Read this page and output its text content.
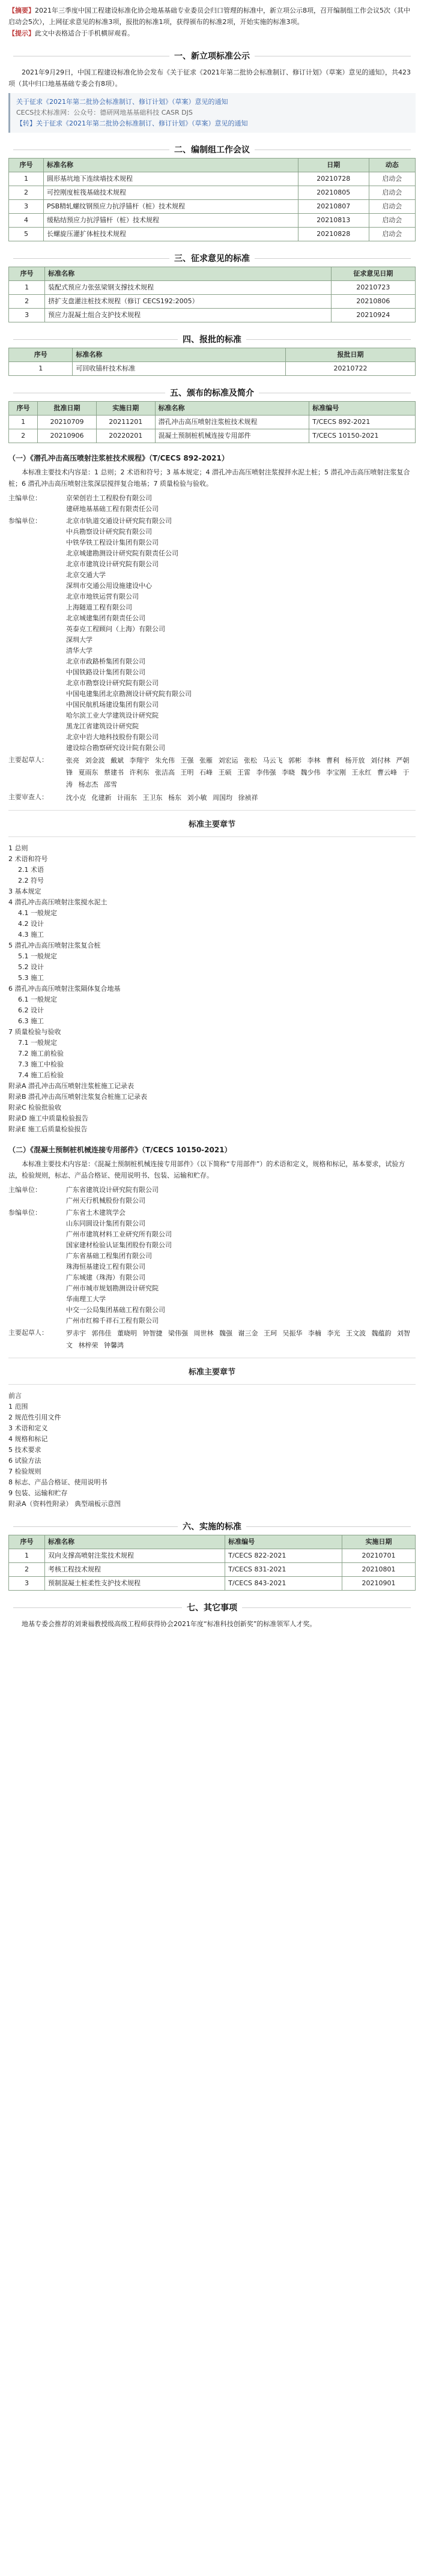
【摘要】2021年三季度中国工程建设标准化协会地基基础专业委员会归口管理的标准中，新立项公示8项，召开编制组工作会议5次（其中启动会5次），上网征求意见的标准3项，报批的标准1项，获得颁布的标准2项，开始实施的标准3项。
【提示】此文中表格适合于手机横屏观看。
一、新立项标准公示
2021年9月29日，中国工程建设标准化协会发布《关于征求《2021年第二批协会标准制订、修订计划》（草案）意见的通知》，共423项（其中归口地基基础专委会有8项）。
关于征求《2021年第二批协会标准制订、修订计划》（草案）意见的通知
CECS技术标准网：公众号：德研网地基基础科技 CASR DJS
【转】关于征求《2021年第二批协会标准制订、修订计划》（草案）意见的通知
二、编制组工作会议
序号	标准名称	日期	动态
1	圆形基坑地下连续墙技术规程	20210728	启动会
2	可控刚度桩筏基础技术规程	20210805	启动会
3	PSB精轧螺纹钢预应力抗浮锚杆（桩）技术规程	20210807	启动会
4	缓粘结预应力抗浮锚杆（桩）技术规程	20210813	启动会
5	长螺旋压灌扩体桩技术规程	20210828	启动会
三、征求意见的标准
序号	标准名称	征求意见日期
1	装配式预应力张弦梁钢支撑技术规程	20210723
2	挤扩支盘灌注桩技术规程（修订 CECS192:2005）	20210806
3	预应力混凝土组合支护技术规程	20210924
四、报批的标准
序号	标准名称	报批日期
1	可回收锚杆技术标准	20210722
五、颁布的标准及简介
序号	批准日期	实施日期	标准名称	标准编号
1	20210709	20211201	潜孔冲击高压喷射注浆桩技术规程	T/CECS 892-2021
2	20210906	20220201	混凝土预制桩机械连接专用部件	T/CECS 10150-2021
（一）《潜孔冲击高压喷射注浆桩技术规程》（T/CECS 892-2021）
本标准主要技术内容是：1 总则；2 术语和符号；3 基本规定；4 潜孔冲击高压喷射注浆搅拌水泥土桩；5 潜孔冲击高压喷射注浆复合桩；6 潜孔冲击高压喷射注浆深层搅拌复合地基；7 质量检验与验收。
主编单位：	京荣创岩土工程股份有限公司
建研地基基础工程有限责任公司
参编单位：	北京市轨道交通设计研究院有限公司
中兵勘察设计研究院有限公司
中铁华铁工程设计集团有限公司
北京城建勘测设计研究院有限责任公司
北京市建筑设计研究院有限公司
北京交通大学
深圳市交通公用设施建设中心
北京市地铁运营有限公司
上海隧道工程有限公司
北京城建集团有限责任公司
英泰克工程顾问（上海）有限公司
深圳大学
清华大学
北京市政路桥集团有限公司
中国铁路设计集团有限公司
北京市勘察设计研究院有限公司
中国电建集团北京勘测设计研究院有限公司
中国民航机场建设集团有限公司
哈尔滨工业大学建筑设计研究院
黑龙江省建筑设计研究院
北京中岩大地科技股份有限公司
建设综合勘察研究设计院有限公司
主要起草人：	张亮 刘金波 戴斌 李翔宇 朱允伟 王强 张雁 刘宏运 张松 马云飞 郭彬 李林 曹利 杨开放 刘付林 严朝锋 夏雨东 蔡建书 许利东 张洁高 王明 石峰 王硕 王雷 李伟强 李晓 魏少伟 李宝刚 王永红 曹云峰 于涛 杨志杰 邵雪
主要审查人：	沈小克 化建新 计雨东 王卫东 杨东 刘小敏 周国均 徐祯祥
标准主要章节
1 总则
2 术语和符号
2.1 术语
2.2 符号
3 基本规定
4 潜孔冲击高压喷射注浆搅水泥土
4.1 一般规定
4.2 设计
4.3 施工
5 潜孔冲击高压喷射注浆复合桩
5.1 一般规定
5.2 设计
5.3 施工
6 潜孔冲击高压喷射注浆隔体复合地基
6.1 一般规定
6.2 设计
6.3 施工
7 质量检验与验收
7.1 一般规定
7.2 施工前检验
7.3 施工中检验
7.4 施工后检验
附录A 潜孔冲击高压喷射注浆桩施工记录表
附录B 潜孔冲击高压喷射注浆复合桩施工记录表
附录C 检验批验收
附录D 施工中质量检验报告
附录E 施工后质量检验报告
（二）《混凝土预制桩机械连接专用部件》（T/CECS 10150-2021）
本标准主要技术内容是：《混凝土预制桩机械连接专用部件》（以下简称“专用部件”）的术语和定义，规格和标记，基本要求，试验方法，检验规则，标志、产品合格证、使用说明书、包装、运输和贮存。
主编单位：	广东省建筑设计研究院有限公司
广州天行机械股份有限公司
参编单位：	广东省土木建筑学会
山东同圆设计集团有限公司
广州市建筑材料工业研究所有限公司
国家建材检验认证集团股份有限公司
广东省基础工程集团有限公司
珠海恒基建设工程有限公司
广东城建（珠海）有限公司
广州市城市规划勘测设计研究院
华南理工大学
中交一公局集团基础工程有限公司
广州市红棉千祥石工程有限公司
主要起草人：	罗赤宇 郭伟佳 董晓明 钟智捷 梁伟强 周世林 魏强 谢三金 王珂 吴振华 李楠 李光 王文波 魏蕴韵 刘智文 林梓荣 钟馨鸿
标准主要章节
前言
1 范围
2 规范性引用文件
3 术语和定义
4 规格和标记
5 技术要求
6 试验方法
7 检验规则
8 标志、产品合格证、使用说明书
9 包装、运输和贮存
附录A（资料性附录） 典型端板示意图
六、实施的标准
序号	标准名称	标准编号	实施日期
1	双向支撑高喷射注浆技术规程	T/CECS 822-2021	20210701
2	考核工程技术规程	T/CECS 831-2021	20210801
3	预制混凝土桩柔性支护技术规程	T/CECS 843-2021	20210901
七、其它事项
地基专委会推荐的刘秉福教授级高级工程师获得协会2021年度“标准科技创新奖”的标准领军人才奖。
